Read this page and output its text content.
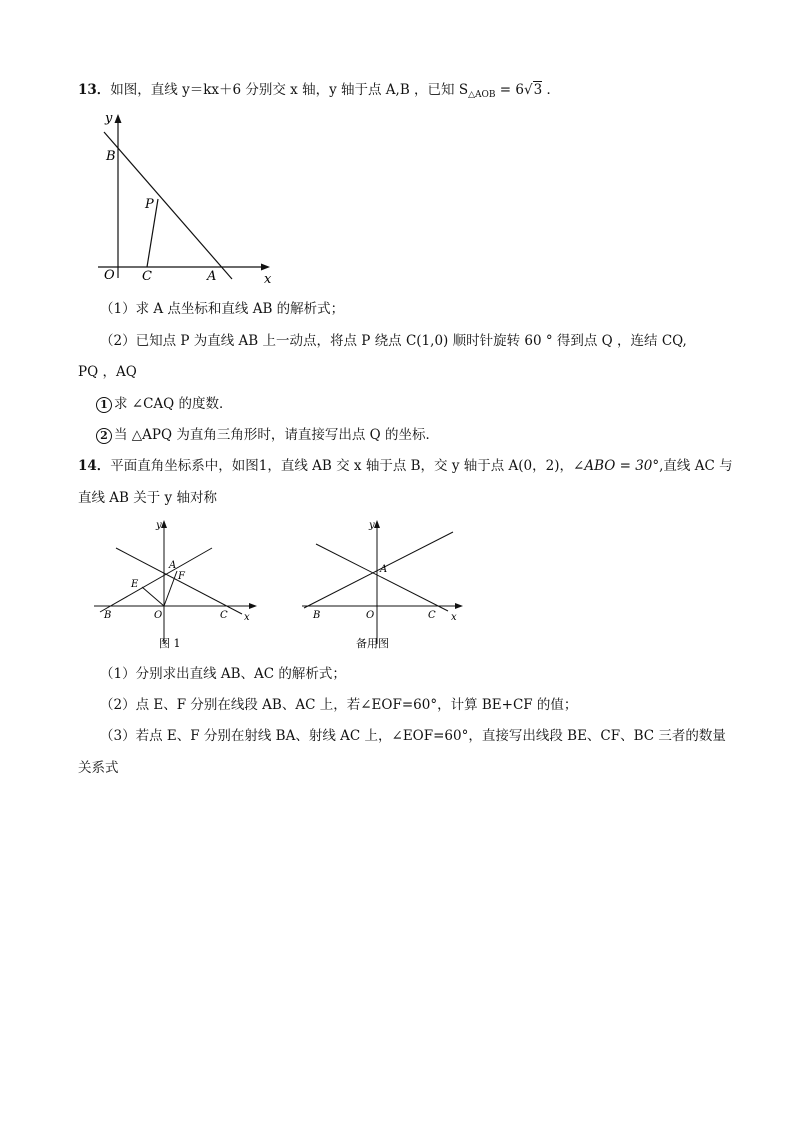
13．如图，直线 y＝kx＋6 分别交 x 轴，y 轴于点 A,B ，已知 $S_{\triangle AOB} = 6√3$ ．
y
B
P
O C	A	x
（1）求 A 点坐标和直线 AB 的解析式；
（2）已知点 P 为直线 AB 上一动点，将点 P 绕点 C(1,0) 顺时针旋转 60 ° 得到点 Q ，连结 CQ,
PQ ，AQ
1 求 ∠CAQ 的度数．
2 当 △APQ 为直角三角形时，请直接写出点 Q 的坐标．
14．平面直角坐标系中，如图1，直线 AB 交 x 轴于点 B，交 y 轴于点 A(0，2)，∠ABO = 30°,直线 AC 与
直线 AB 关于 y 轴对称
y
A
F
E
B	O	C x
图 1
y
A
B	O	C x
备用图
（1）分别求出直线 AB、AC 的解析式；
（2）点 E、F 分别在线段 AB、AC 上，若∠EOF=60°，计算 BE+CF 的值；
（3）若点 E、F 分别在射线 BA、射线 AC 上，∠EOF=60°，直接写出线段 BE、CF、BC 三者的数量
关系式
